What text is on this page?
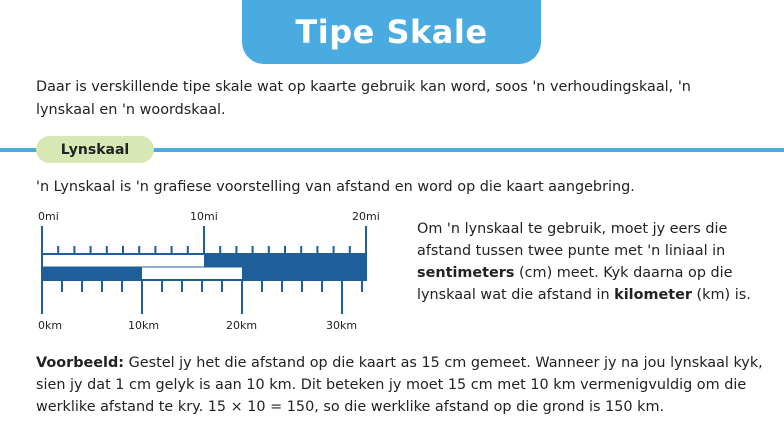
Tipe Skale

Daar is verskillende tipe skale wat op kaarte gebruik kan word, soos 'n verhoudingskaal, 'n lynskaal en 'n woordskaal.

Lynskaal

'n Lynskaal is 'n grafiese voorstelling van afstand en word op die kaart aangebring.

0mi	10mi	20mi
0km	10km	20km	30km

Om 'n lynskaal te gebruik, moet jy eers die afstand tussen twee punte met 'n liniaal in sentimeters (cm) meet. Kyk daarna op die lynskaal wat die afstand in kilometer (km) is.

Voorbeeld: Gestel jy het die afstand op die kaart as 15 cm gemeet. Wanneer jy na jou lynskaal kyk, sien jy dat 1 cm gelyk is aan 10 km. Dit beteken jy moet 15 cm met 10 km vermenigvuldig om die werklike afstand te kry. 15 × 10 = 150, so die werklike afstand op die grond is 150 km.
